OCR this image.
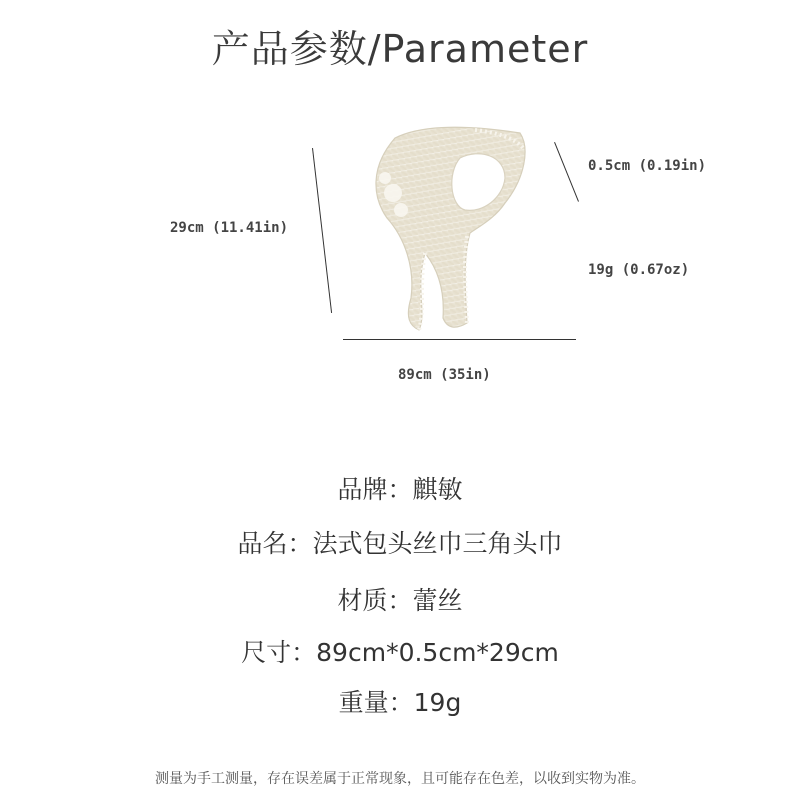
产品参数/Parameter
29cm (11.41in)
0.5cm (0.19in)
19g (0.67oz)
89cm (35in)
品牌：麒敏
品名：法式包头丝巾三角头巾
材质：蕾丝
尺寸：89cm*0.5cm*29cm
重量：19g
测量为手工测量，存在误差属于正常现象，且可能存在色差，以收到实物为准。
